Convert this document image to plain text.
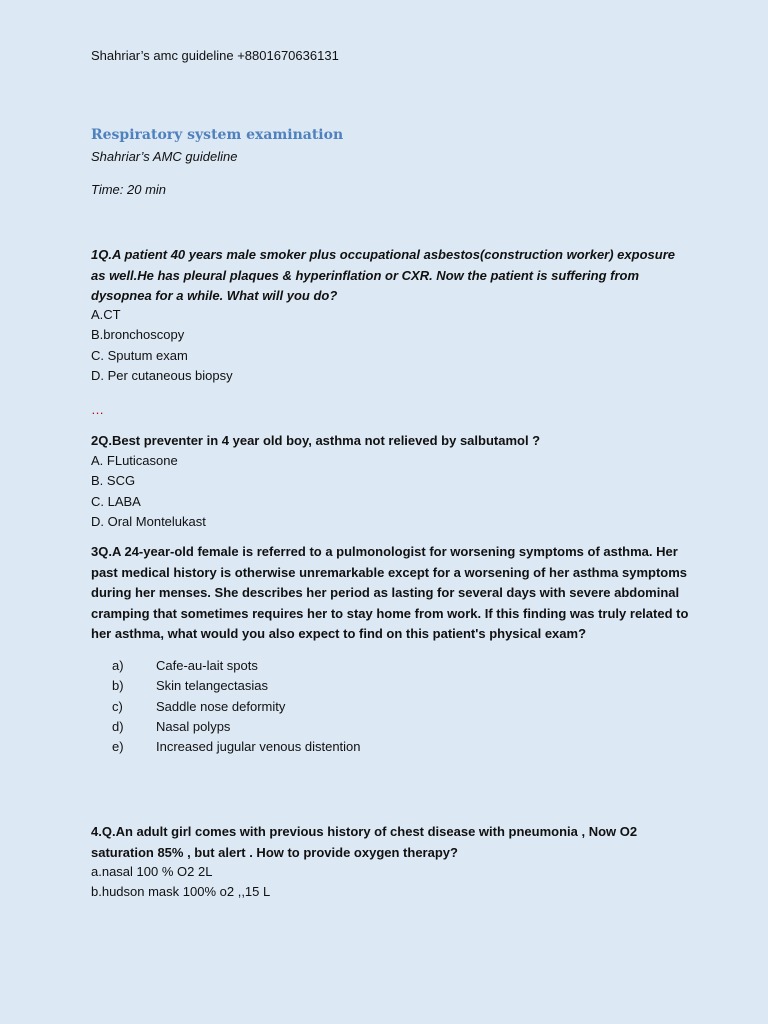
Shahriar’s amc guideline +8801670636131
Respiratory system examination
Shahriar’s AMC guideline
Time: 20 min
1Q.A patient 40 years male smoker plus occupational asbestos(construction worker) exposure as well.He has pleural plaques & hyperinflation or CXR. Now the patient is suffering from dysopnea for a while. What will you do?
A.CT
B.bronchoscopy
C. Sputum exam
D. Per cutaneous biopsy
…
2Q.Best preventer in 4 year old boy, asthma not relieved by salbutamol ?
A. FLuticasone
B. SCG
C. LABA
D. Oral Montelukast
3Q.A 24-year-old female is referred to a pulmonologist for worsening symptoms of asthma. Her past medical history is otherwise unremarkable except for a worsening of her asthma symptoms during her menses. She describes her period as lasting for several days with severe abdominal cramping that sometimes requires her to stay home from work. If this finding was truly related to her asthma, what would you also expect to find on this patient's physical exam?
a) Cafe-au-lait spots
b) Skin telangectasias
c)	Saddle nose deformity
d) Nasal polyps
e) Increased jugular venous distention
4.Q.An adult girl comes with previous history of chest disease with pneumonia , Now O2 saturation 85% , but alert . How to provide oxygen therapy?
a.nasal 100 % O2 2L
b.hudson mask 100% o2 ,,15 L
